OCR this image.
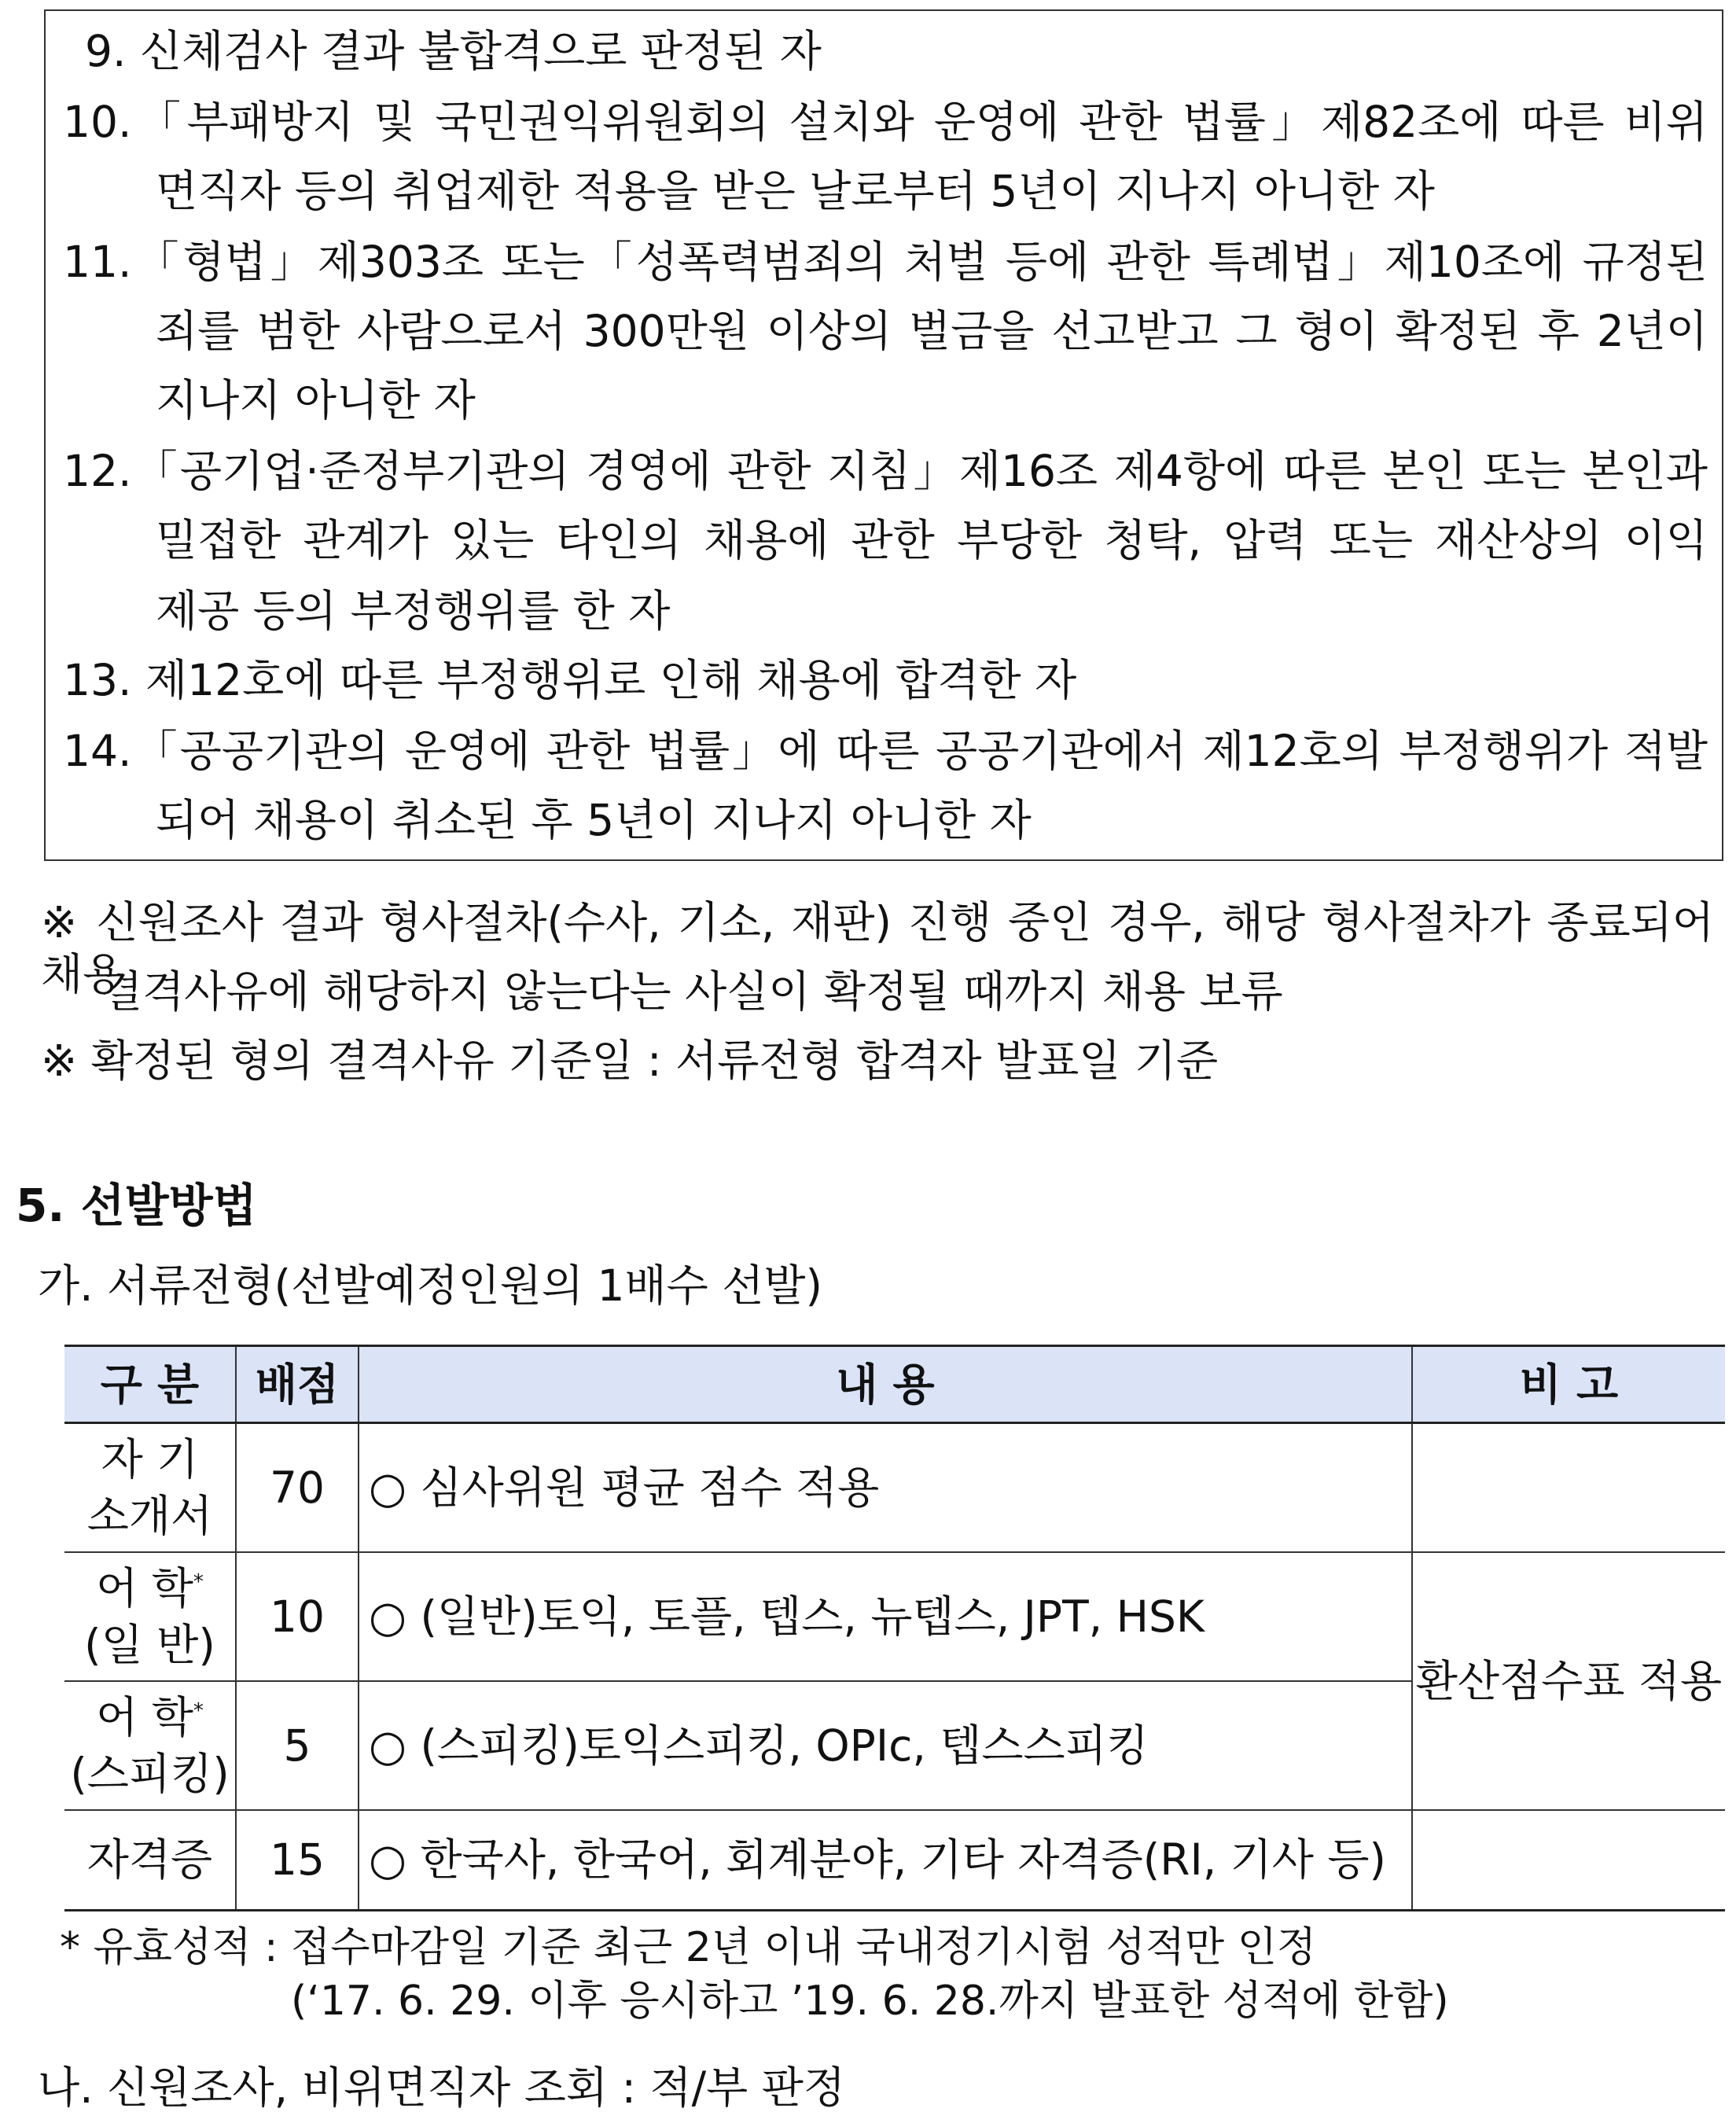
9. 신체검사 결과 불합격으로 판정된 자
10.「부패방지 및 국민권익위원회의 설치와 운영에 관한 법률」제82조에 따른 비위
면직자 등의 취업제한 적용을 받은 날로부터 5년이 지나지 아니한 자
11.「형법」제303조 또는「성폭력범죄의 처벌 등에 관한 특례법」제10조에 규정된
죄를 범한 사람으로서 300만원 이상의 벌금을 선고받고 그 형이 확정된 후 2년이
지나지 아니한 자
12.「공기업·준정부기관의 경영에 관한 지침」제16조 제4항에 따른 본인 또는 본인과
밀접한 관계가 있는 타인의 채용에 관한 부당한 청탁, 압력 또는 재산상의 이익
제공 등의 부정행위를 한 자
13. 제12호에 따른 부정행위로 인해 채용에 합격한 자
14.「공공기관의 운영에 관한 법률」에 따른 공공기관에서 제12호의 부정행위가 적발
되어 채용이 취소된 후 5년이 지나지 아니한 자
※ 신원조사 결과 형사절차(수사, 기소, 재판) 진행 중인 경우, 해당 형사절차가 종료되어 채용
결격사유에 해당하지 않는다는 사실이 확정될 때까지 채용 보류
※ 확정된 형의 결격사유 기준일 : 서류전형 합격자 발표일 기준
5. 선발방법
가. 서류전형(선발예정인원의 1배수 선발)
구 분	배점	내 용	비 고
자 기
소개서	70	○ 심사위원 평균 점수 적용	
어 학*
(일 반)	10	○ (일반)토익, 토플, 텝스, 뉴텝스, JPT, HSK	환산점수표 적용
어 학*
(스피킹)	5	○ (스피킹)토익스피킹, OPIc, 텝스스피킹	
자격증	15	○ 한국사, 한국어, 회계분야, 기타 자격증(RI, 기사 등)	
* 유효성적 : 접수마감일 기준 최근 2년 이내 국내정기시험 성적만 인정
(‘17. 6. 29. 이후 응시하고 ’19. 6. 28.까지 발표한 성적에 한함)
나. 신원조사, 비위면직자 조회 : 적/부 판정
